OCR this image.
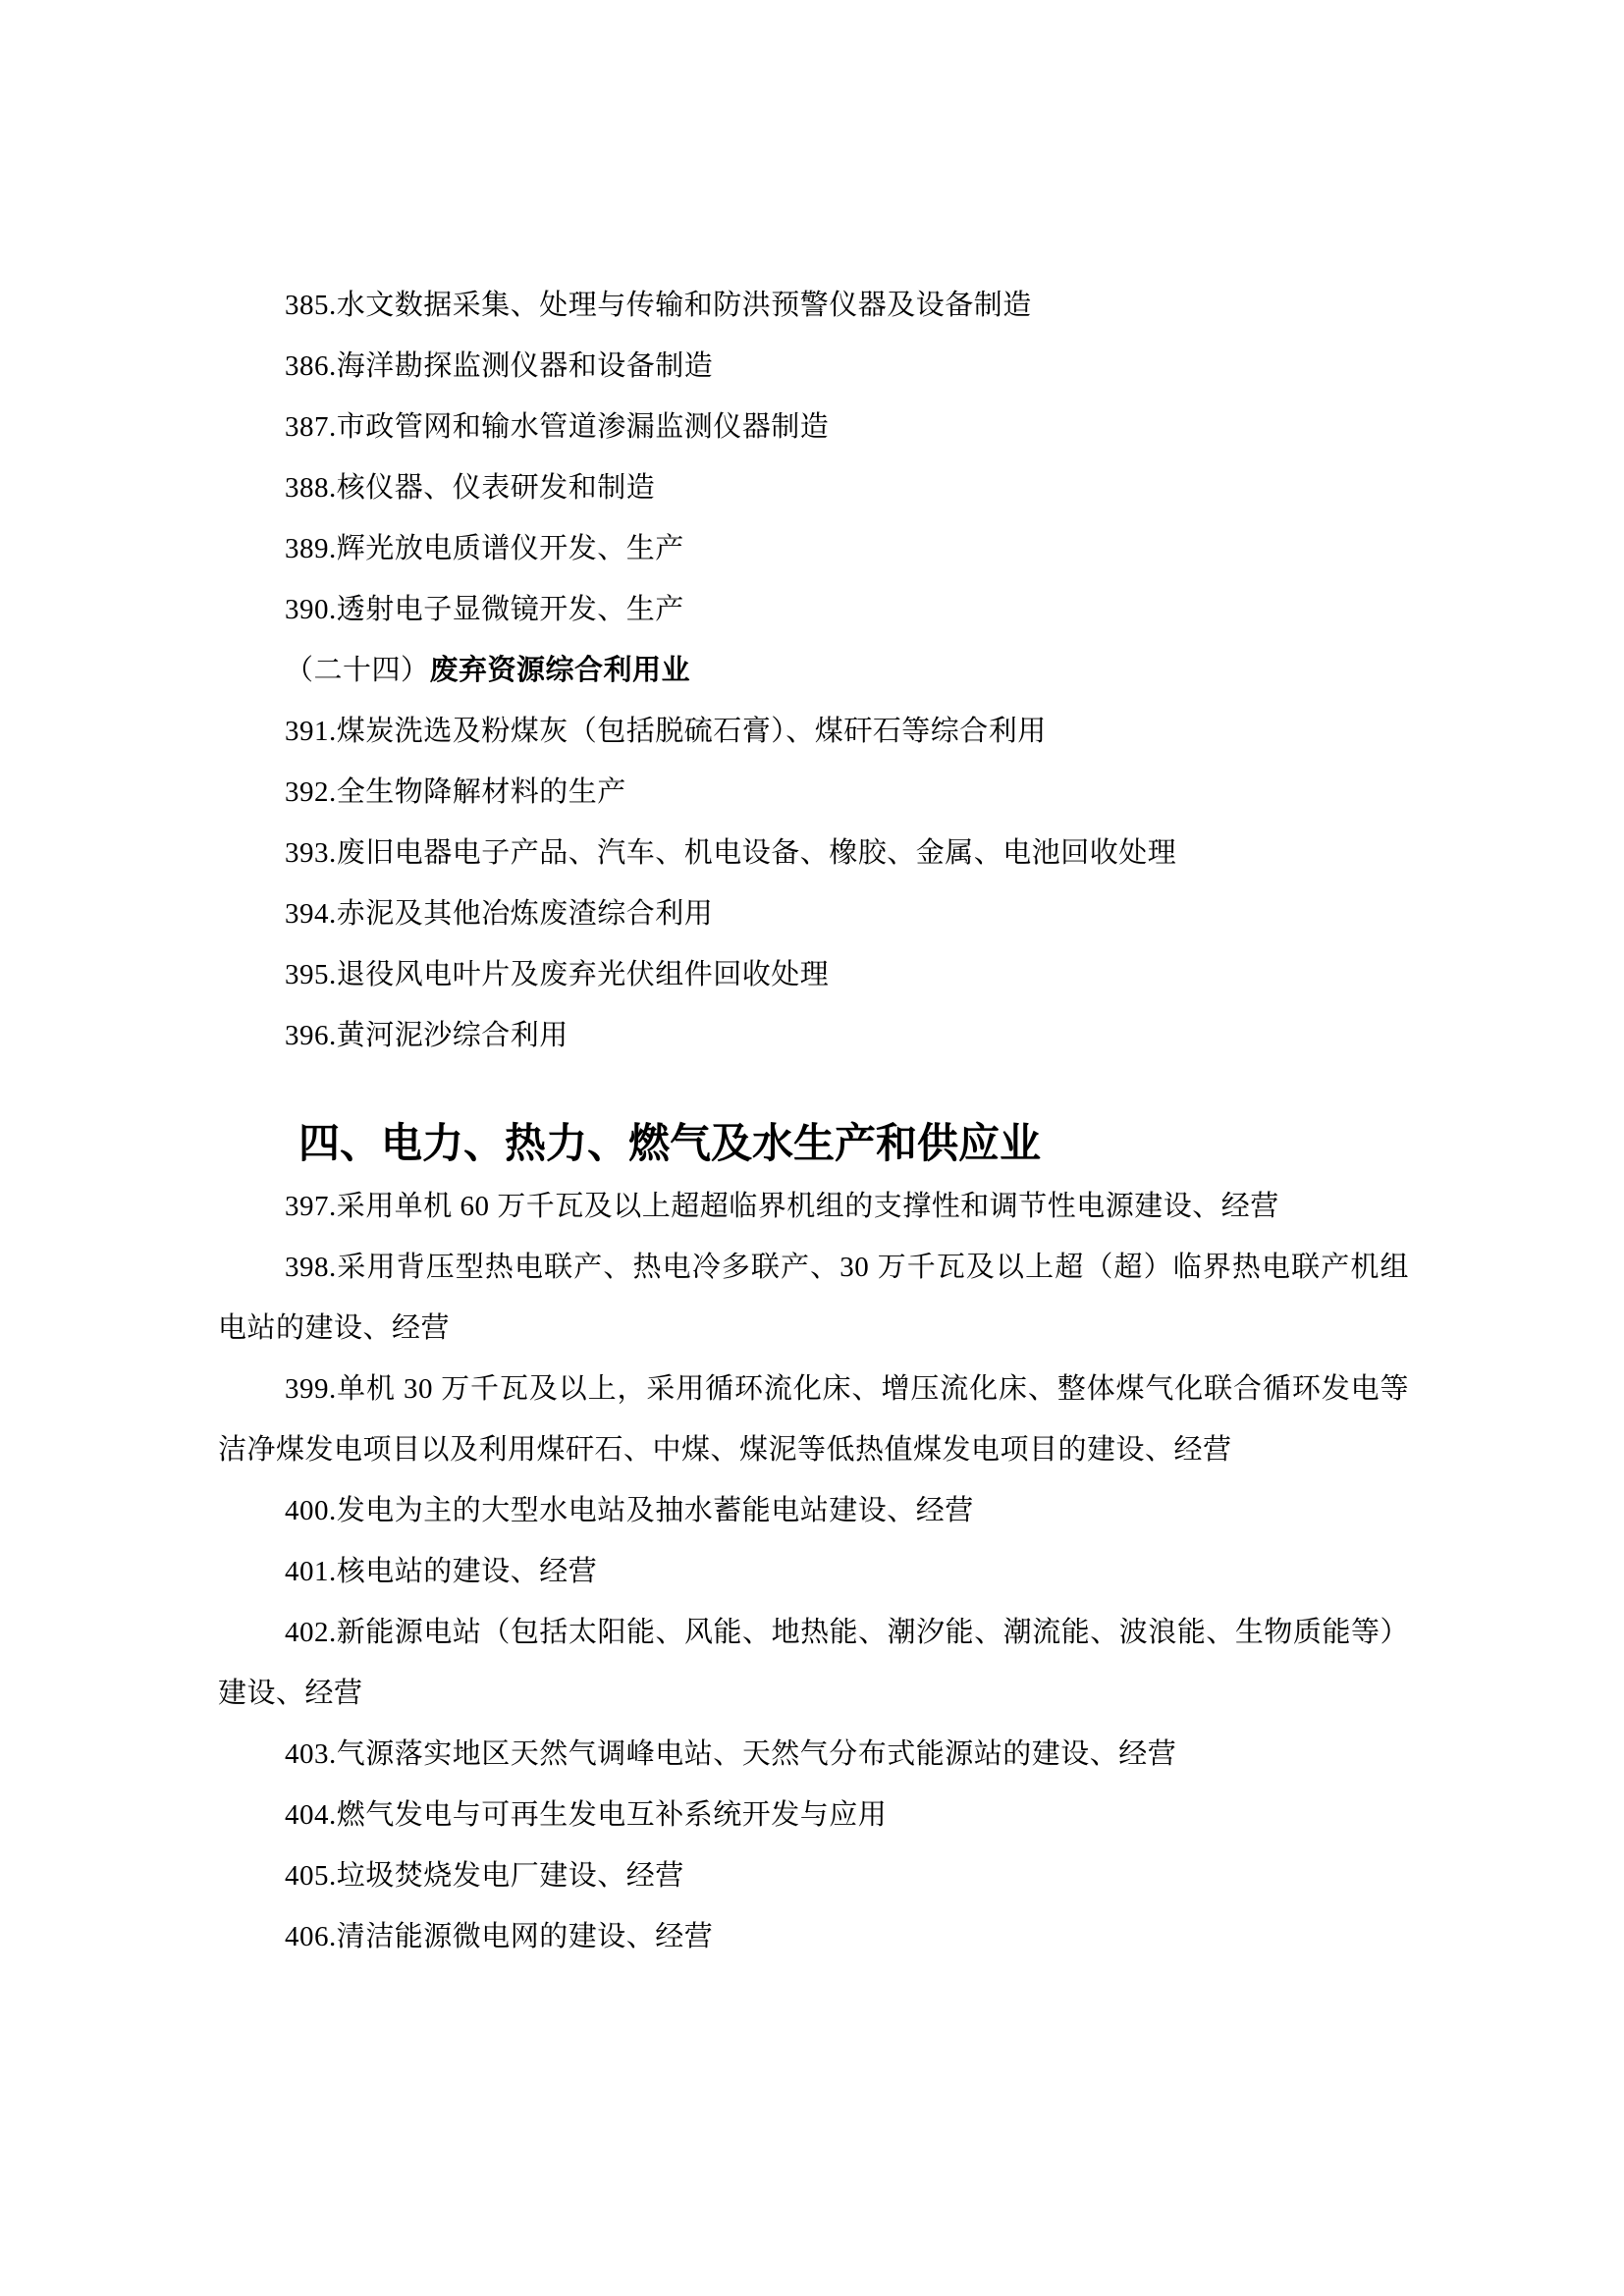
385.水文数据采集、处理与传输和防洪预警仪器及设备制造

386.海洋勘探监测仪器和设备制造

387.市政管网和输水管道渗漏监测仪器制造

388.核仪器、仪表研发和制造

389.辉光放电质谱仪开发、生产

390.透射电子显微镜开发、生产

（二十四）废弃资源综合利用业

391.煤炭洗选及粉煤灰（包括脱硫石膏）、煤矸石等综合利用

392.全生物降解材料的生产

393.废旧电器电子产品、汽车、机电设备、橡胶、金属、电池回收处理

394.赤泥及其他冶炼废渣综合利用

395.退役风电叶片及废弃光伏组件回收处理

396.黄河泥沙综合利用

四、电力、热力、燃气及水生产和供应业

397.采用单机 60 万千瓦及以上超超临界机组的支撑性和调节性电源建设、经营

398.采用背压型热电联产、热电冷多联产、30 万千瓦及以上超（超）临界热电联产机组电站的建设、经营

399.单机 30 万千瓦及以上，采用循环流化床、增压流化床、整体煤气化联合循环发电等洁净煤发电项目以及利用煤矸石、中煤、煤泥等低热值煤发电项目的建设、经营

400.发电为主的大型水电站及抽水蓄能电站建设、经营

401.核电站的建设、经营

402.新能源电站（包括太阳能、风能、地热能、潮汐能、潮流能、波浪能、生物质能等）建设、经营

403.气源落实地区天然气调峰电站、天然气分布式能源站的建设、经营

404.燃气发电与可再生发电互补系统开发与应用

405.垃圾焚烧发电厂建设、经营

406.清洁能源微电网的建设、经营
